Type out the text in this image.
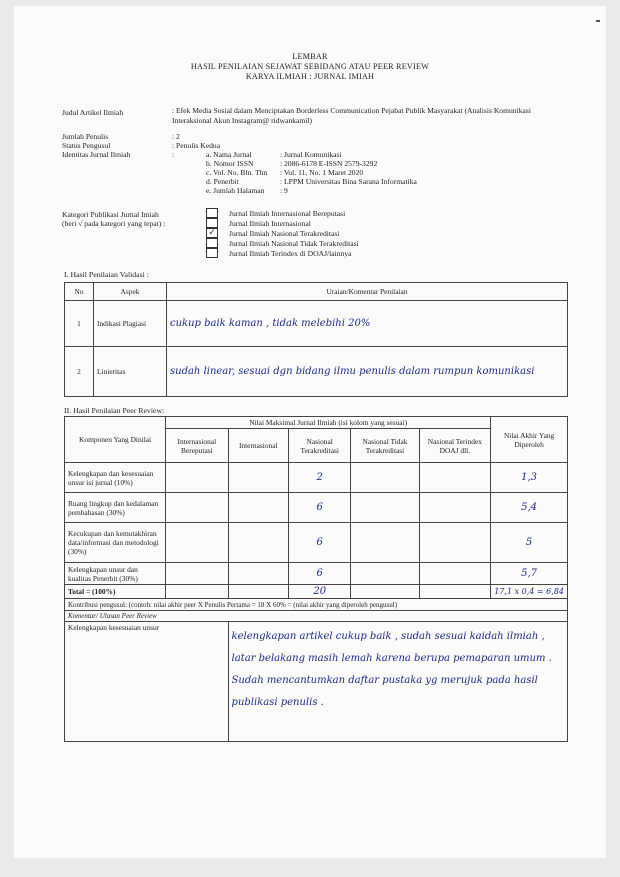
LEMBAR
HASIL PENILAIAN SEJAWAT SEBIDANG ATAU PEER REVIEW
KARYA ILMIAH : JURNAL IMIAH
Judul Artikel Ilmiah	: Efek Media Sosial dalam Menciptakan Borderless Communication Pejabat Publik Masyarakat (Analisis Komunikasi Interaksional Akun Instagram@ ridwankamil)
Jumlah Penulis	: 2
Status Pengusul	: Penulis Kedua
Identitas Jurnal Ilmiah	:	a. Nama Jurnal	: Jurnal Komunikasi
b. Nomor ISSN	: 2086-6178 E-ISSN 2579-3292
c. Vol. No. Bln. Thn : Vol. 11, No. 1 Maret 2020
d. Penerbit	: LPPM Universitas Bina Sarana Informatika
e. Jumlah Halaman : 9
Kategori Publikasi Jurnal Imiah
(beri √ pada kategori yang tepat) :
Jurnal Ilmiah Internasional Bereputasi
Jurnal Ilmiah Internasional
✓ Jurnal Ilmiah Nasional Terakreditasi
Jurnal Ilmiah Nasional Tidak Terakreditasi
Jurnal Ilmiah Terindex di DOAJ/lainnya
I. Hasil Penilaian Validasi :
No	Aspek	Uraian/Komentar Penilaian
1	Indikasi Plagiasi	cukup baik kaman , tidak melebihi 20%
2	Linieritas	sudah linear, sesuai dgn bidang ilmu penulis dalam rumpun komunikasi
II. Hasil Penilaian Peer Review:
Komponen Yang Dinilai	Nilai Maksimal Jurnal Ilmiah (isi kolom yang sesuai)					Nilai Akhir Yang Diperoleh
	Internasional Bereputasi	Internasional	Nasional Terakreditasi	Nasional Tidak Terakreditasi	Nasional Terindex DOAJ dll.	
Kelengkapan dan kesesuaian unsur isi jurnal (10%)			2			1,3
Ruang lingkup dan kedalaman pembahasan (30%)			6			5,4
Kecukupan dan kemutakhiran data/informasi dan metodologi (30%)			6			5
Kelengkapan unsur dan kualitas Penerbit (30%)			6			5,7
Total = (100%)			20			17,1 x 0,4 = 6,84
Kontribusi pengusul: (contoh: nilai akhir peer X Penulis Pertama = 18 X 60% = (nilai akhir yang diperoleh pengusul)						
Komentar/ Ulasan Peer Review						
Kelengkapan kesesuaian unsur		kelengkapan artikel cukup baik , sudah sesuai kaidah ilmiah ,
latar belakang masih lemah karena berupa pemaparan umum .
Sudah mencantumkan daftar pustaka yg merujuk pada hasil
publikasi penulis .				
